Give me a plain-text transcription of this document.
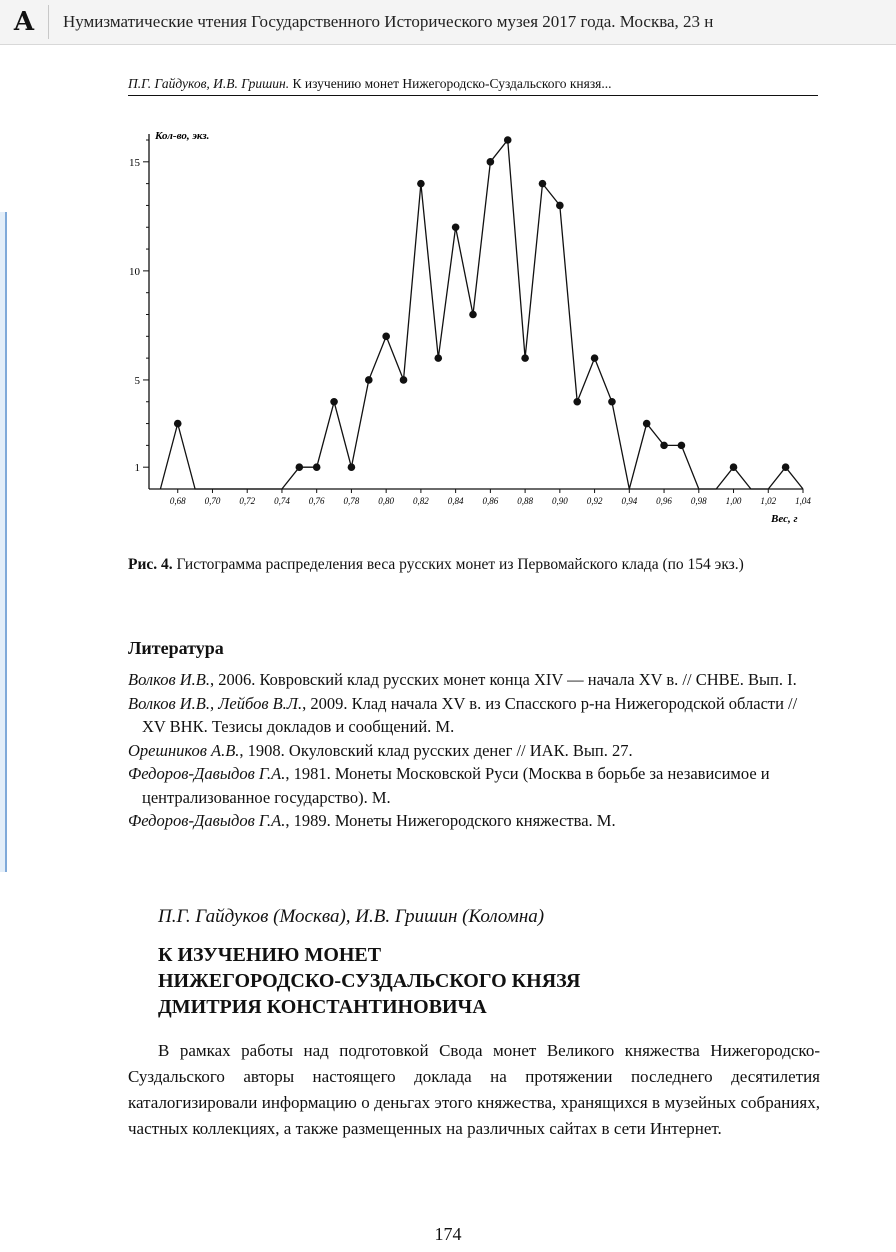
A	Нумизматические чтения Государственного Исторического музея 2017 года. Москва, 23 н
П.Г. Гайдуков, И.В. Гришин. К изучению монет Нижегородско-Суздальского князя...
0,68 0,70 0,72 0,74 0,76 0,78 0,80 0,82 0,84 0,86 0,88 0,90 0,92 0,94 0,96 0,98 1,00 1,02 1,04
1
5
10
15
Кол-во, экз.
Вес, г
Рис. 4. Гистограмма распределения веса русских монет из Первомайского клада (по 154 экз.)
Литература
Волков И.В., 2006. Ковровский клад русских монет конца XIV — начала XV в. // СНВЕ. Вып. I.
Волков И.В., Лейбов В.Л., 2009. Клад начала XV в. из Спасского р-на Нижегородской области // XV ВНК. Тезисы докладов и сообщений. М.
Орешников А.В., 1908. Окуловский клад русских денег // ИАК. Вып. 27.
Федоров-Давыдов Г.А., 1981. Монеты Московской Руси (Москва в борьбе за независимое и централизованное государство). М.
Федоров-Давыдов Г.А., 1989. Монеты Нижегородского княжества. М.
П.Г. Гайдуков (Москва), И.В. Гришин (Коломна)
К ИЗУЧЕНИЮ МОНЕТ
НИЖЕГОРОДСКО-СУЗДАЛЬСКОГО КНЯЗЯ
ДМИТРИЯ КОНСТАНТИНОВИЧА

В рамках работы над подготовкой Свода монет Великого княжества Нижегородско-Суздальского авторы настоящего доклада на протяжении последнего десятилетия каталогизировали информацию о деньгах этого княжества, хранящихся в музейных собраниях, частных коллекциях, а также размещенных на различных сайтах в сети Интернет.

174
